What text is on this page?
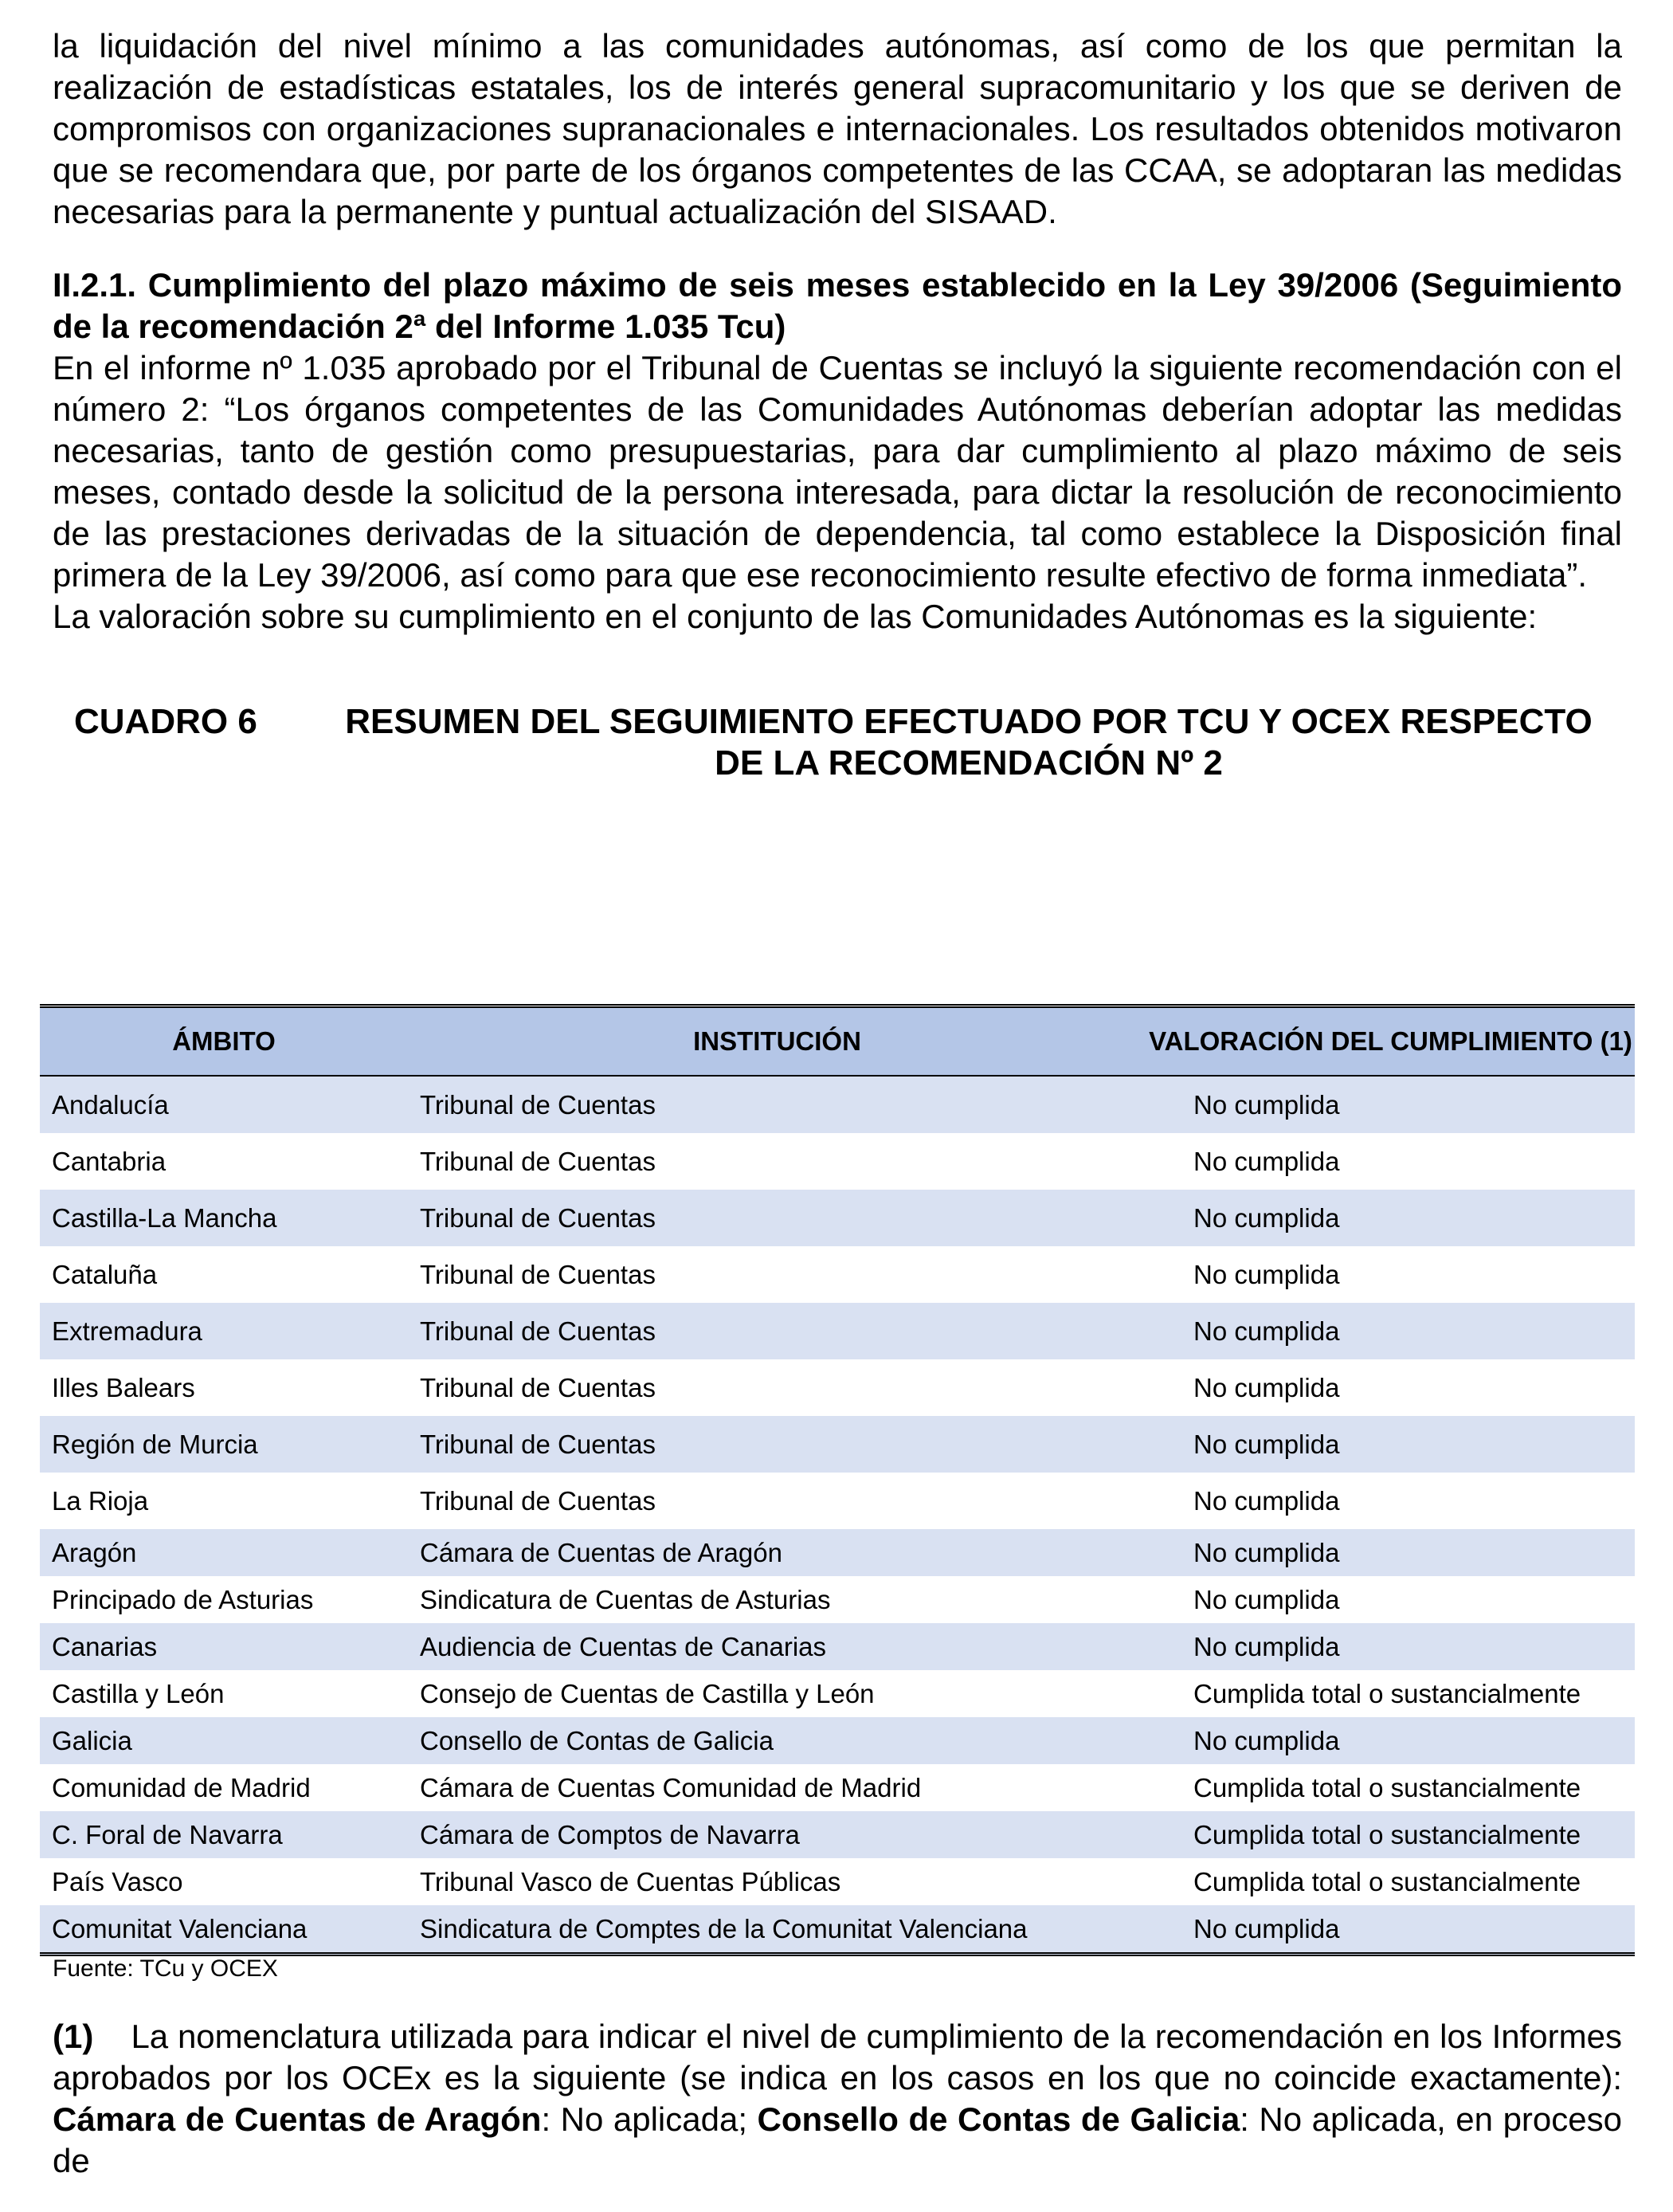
la liquidación del nivel mínimo a las comunidades autónomas, así como de los que permitan la realización de estadísticas estatales, los de interés general supracomunitario y los que se deriven de compromisos con organizaciones supranacionales e internacionales. Los resultados obtenidos motivaron que se recomendara que, por parte de los órganos competentes de las CCAA, se adoptaran las medidas necesarias para la permanente y puntual actualización del SISAAD.

II.2.1. Cumplimiento del plazo máximo de seis meses establecido en la Ley 39/2006 (Seguimiento de la recomendación 2ª del Informe 1.035 Tcu)

En el informe nº 1.035 aprobado por el Tribunal de Cuentas se incluyó la siguiente recomendación con el número 2: “Los órganos competentes de las Comunidades Autónomas deberían adoptar las medidas necesarias, tanto de gestión como presupuestarias, para dar cumplimiento al plazo máximo de seis meses, contado desde la solicitud de la persona interesada, para dictar la resolución de reconocimiento de las prestaciones derivadas de la situación de dependencia, tal como establece la Disposición final primera de la Ley 39/2006, así como para que ese reconocimiento resulte efectivo de forma inmediata”.

La valoración sobre su cumplimiento en el conjunto de las Comunidades Autónomas es la siguiente:

CUADRO 6	RESUMEN DEL SEGUIMIENTO EFECTUADO POR TCU Y OCEX RESPECTO DE LA RECOMENDACIÓN Nº 2
ÁMBITO	INSTITUCIÓN	VALORACIÓN DEL CUMPLIMIENTO (1)
Andalucía	Tribunal de Cuentas	No cumplida
Cantabria	Tribunal de Cuentas	No cumplida
Castilla-La Mancha	Tribunal de Cuentas	No cumplida
Cataluña	Tribunal de Cuentas	No cumplida
Extremadura	Tribunal de Cuentas	No cumplida
Illes Balears	Tribunal de Cuentas	No cumplida
Región de Murcia	Tribunal de Cuentas	No cumplida
La Rioja	Tribunal de Cuentas	No cumplida
Aragón	Cámara de Cuentas de Aragón	No cumplida
Principado de Asturias	Sindicatura de Cuentas de Asturias	No cumplida
Canarias	Audiencia de Cuentas de Canarias	No cumplida
Castilla y León	Consejo de Cuentas de Castilla y León	Cumplida total o sustancialmente
Galicia	Consello de Contas de Galicia	No cumplida
Comunidad de Madrid	Cámara de Cuentas Comunidad de Madrid	Cumplida total o sustancialmente
C. Foral de Navarra	Cámara de Comptos de Navarra	Cumplida total o sustancialmente
País Vasco	Tribunal Vasco de Cuentas Públicas	Cumplida total o sustancialmente
Comunitat Valenciana	Sindicatura de Comptes de la Comunitat Valenciana	No cumplida
Fuente: TCu y OCEX

(1) La nomenclatura utilizada para indicar el nivel de cumplimiento de la recomendación en los Informes aprobados por los OCEx es la siguiente (se indica en los casos en los que no coincide exactamente): Cámara de Cuentas de Aragón: No aplicada; Consello de Contas de Galicia: No aplicada, en proceso de
